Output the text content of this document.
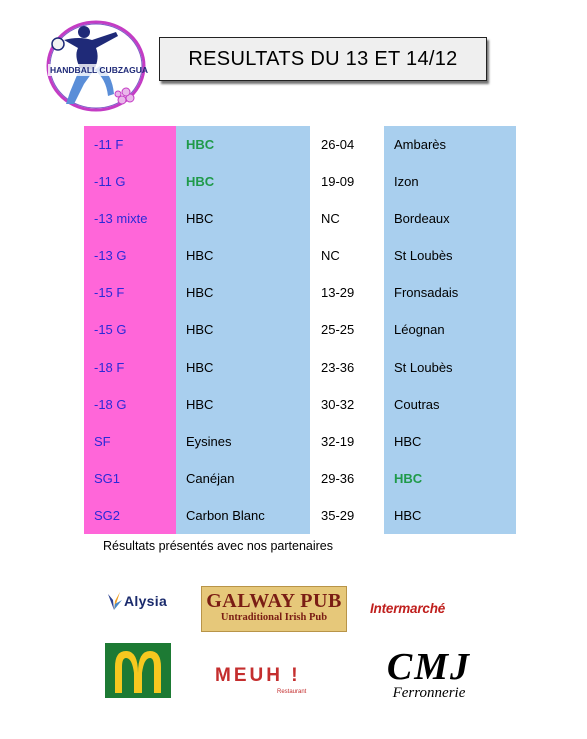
HANDBALL CUBZAGUAIS
RESULTATS DU 13 ET 14/12
-11 F	HBC	26-04	Ambarès
-11 G	HBC	19-09	Izon
-13 mixte	HBC	NC	Bordeaux
-13 G	HBC	NC	St Loubès
-15 F	HBC	13-29	Fronsadais
-15 G	HBC	25-25	Léognan
-18 F	HBC	23-36	St Loubès
-18 G	HBC	30-32	Coutras
SF	Eysines	32-19	HBC
SG1	Canéjan	29-36	HBC
SG2	Carbon Blanc	35-29	HBC
Résultats présentés avec nos partenaires
Alysia GALWAY PUB
Untraditional Irish Pub
Intermarché
MEUH !
Restaurant
CMJ
Ferronnerie
